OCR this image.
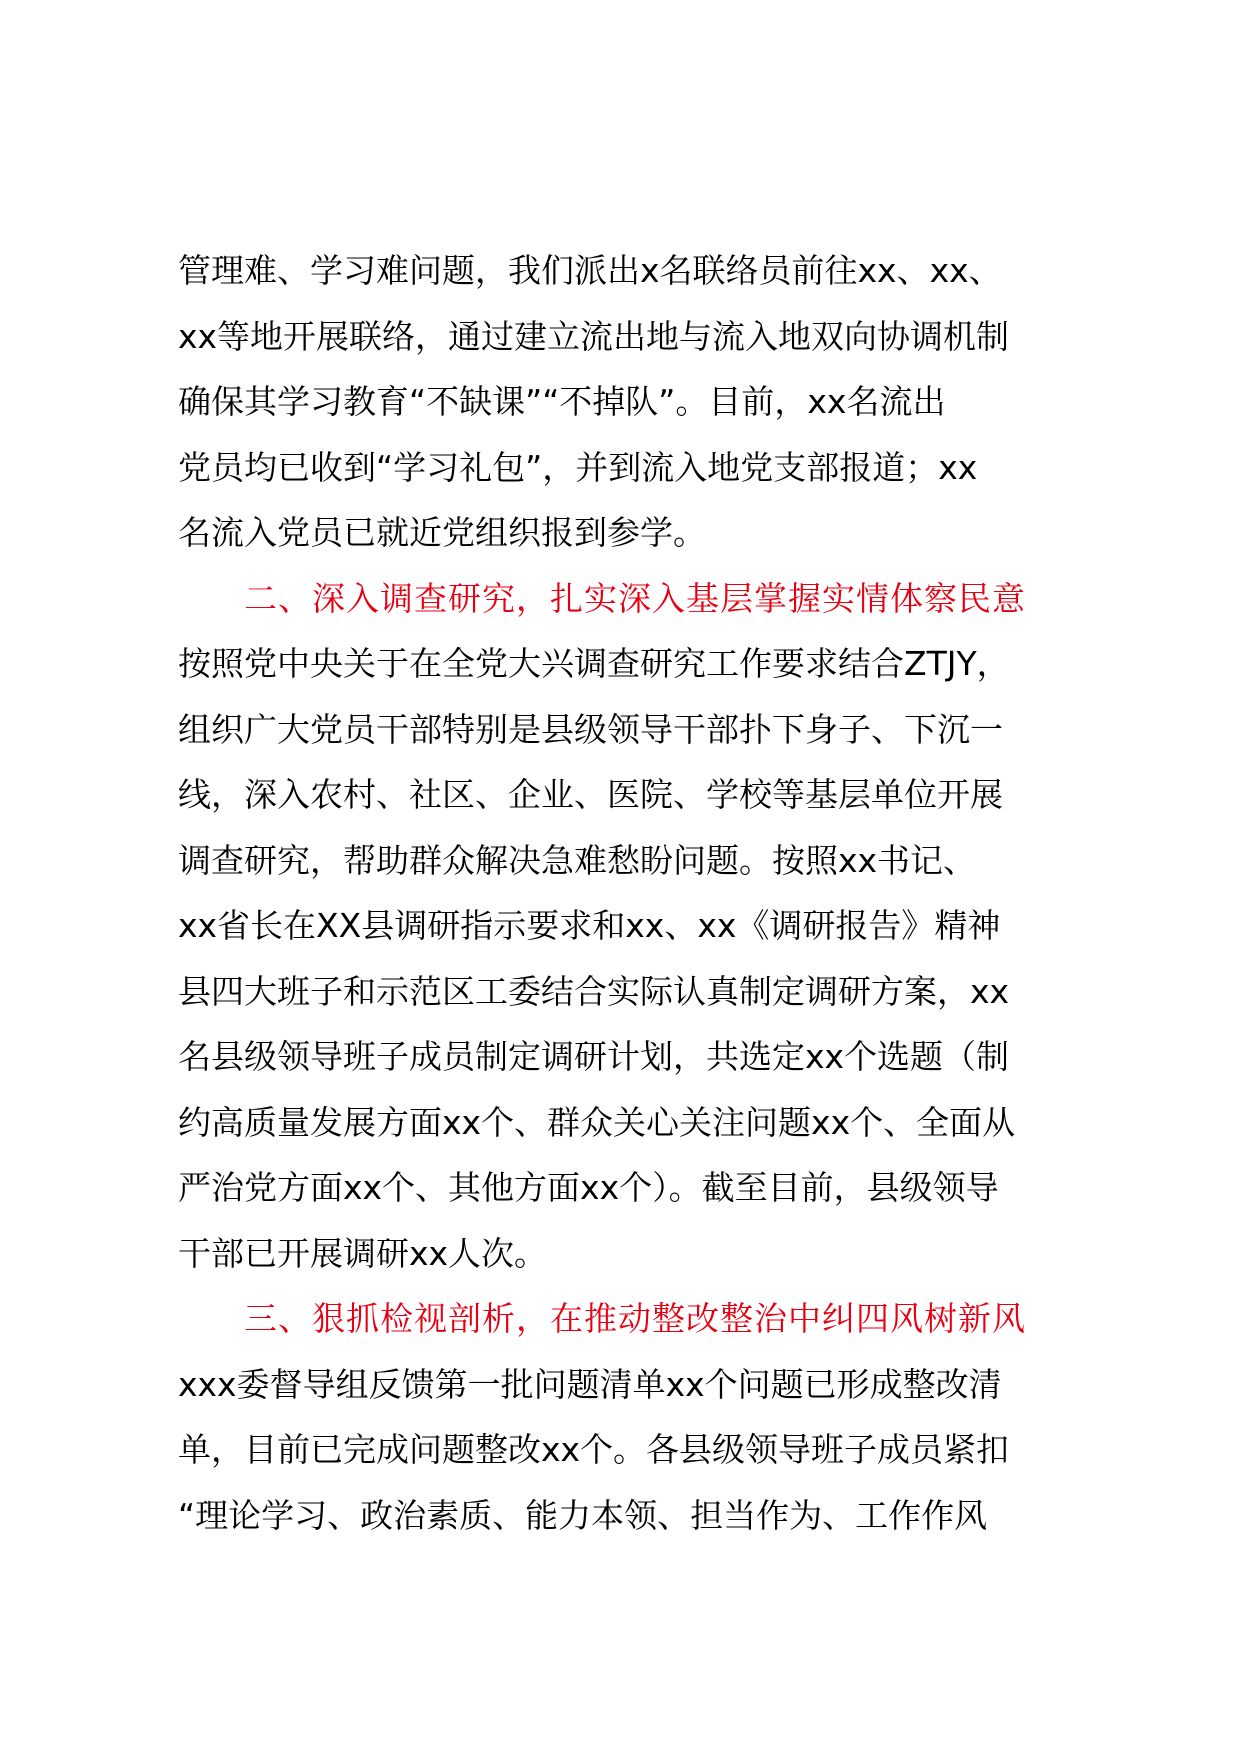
管理难、学习难问题，我们派出x名联络员前往xx、xx、
xx等地开展联络，通过建立流出地与流入地双向协调机制
确保其学习教育“不缺课”“不掉队”。目前，xx名流出
党员均已收到“学习礼包”，并到流入地党支部报道；xx
名流入党员已就近党组织报到参学。
二、深入调查研究，扎实深入基层掌握实情体察民意
按照党中央关于在全党大兴调查研究工作要求结合ZTJY，
组织广大党员干部特别是县级领导干部扑下身子、下沉一
线，深入农村、社区、企业、医院、学校等基层单位开展
调查研究，帮助群众解决急难愁盼问题。按照xx书记、
xx省长在XX县调研指示要求和xx、xx《调研报告》精神
县四大班子和示范区工委结合实际认真制定调研方案，xx
名县级领导班子成员制定调研计划，共选定xx个选题（制
约高质量发展方面xx个、群众关心关注问题xx个、全面从
严治党方面xx个、其他方面xx个）。截至目前，县级领导
干部已开展调研xx人次。
三、狠抓检视剖析，在推动整改整治中纠四风树新风
xxx委督导组反馈第一批问题清单xx个问题已形成整改清
单，目前已完成问题整改xx个。各县级领导班子成员紧扣
“理论学习、政治素质、能力本领、担当作为、工作作风
